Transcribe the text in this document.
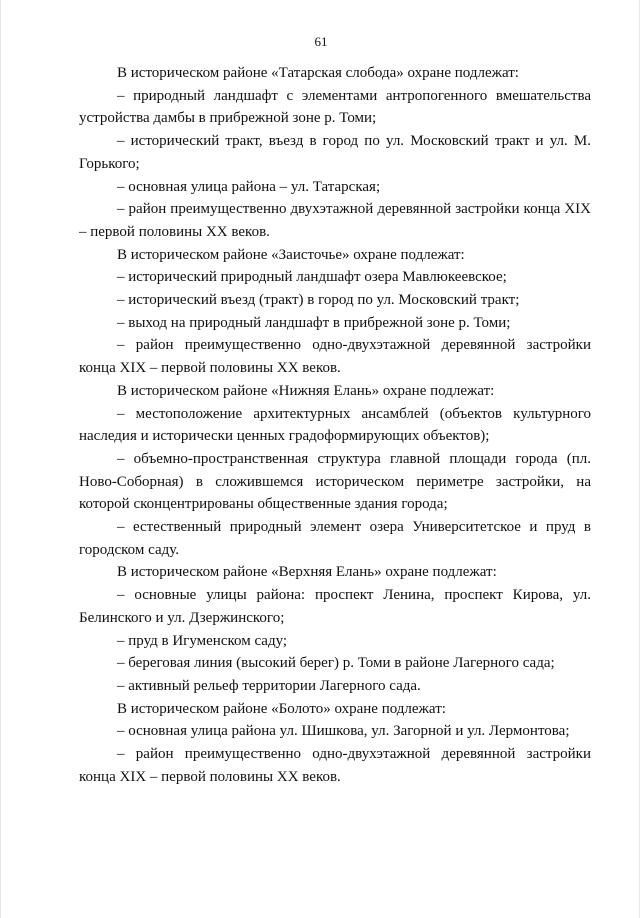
61

В историческом районе «Татарская слобода» охране подлежат:

– природный ландшафт с элементами антропогенного вмешательства устройства дамбы в прибрежной зоне р. Томи;

– исторический тракт, въезд в город по ул. Московский тракт и ул. М. Горького;

– основная улица района – ул. Татарская;

– район преимущественно двухэтажной деревянной застройки конца XIX – первой половины XX веков.

В историческом районе «Заисточье» охране подлежат:

– исторический природный ландшафт озера Мавлюкеевское;

– исторический въезд (тракт) в город по ул. Московский тракт;

– выход на природный ландшафт в прибрежной зоне р. Томи;

– район преимущественно одно-двухэтажной деревянной застройки конца XIX – первой половины XX веков.

В историческом районе «Нижняя Елань» охране подлежат:

– местоположение архитектурных ансамблей (объектов культурного наследия и исторически ценных градоформирующих объектов);

– объемно-пространственная структура главной площади города (пл. Ново-Соборная) в сложившемся историческом периметре застройки, на которой сконцентрированы общественные здания города;

– естественный природный элемент озера Университетское и пруд в городском саду.

В историческом районе «Верхняя Елань» охране подлежат:

– основные улицы района: проспект Ленина, проспект Кирова, ул. Белинского и ул. Дзержинского;

– пруд в Игуменском саду;

– береговая линия (высокий берег) р. Томи в районе Лагерного сада;

– активный рельеф территории Лагерного сада.

В историческом районе «Болото» охране подлежат:

– основная улица района ул. Шишкова, ул. Загорной и ул. Лермонтова;

– район преимущественно одно-двухэтажной деревянной застройки конца XIX – первой половины XX веков.
